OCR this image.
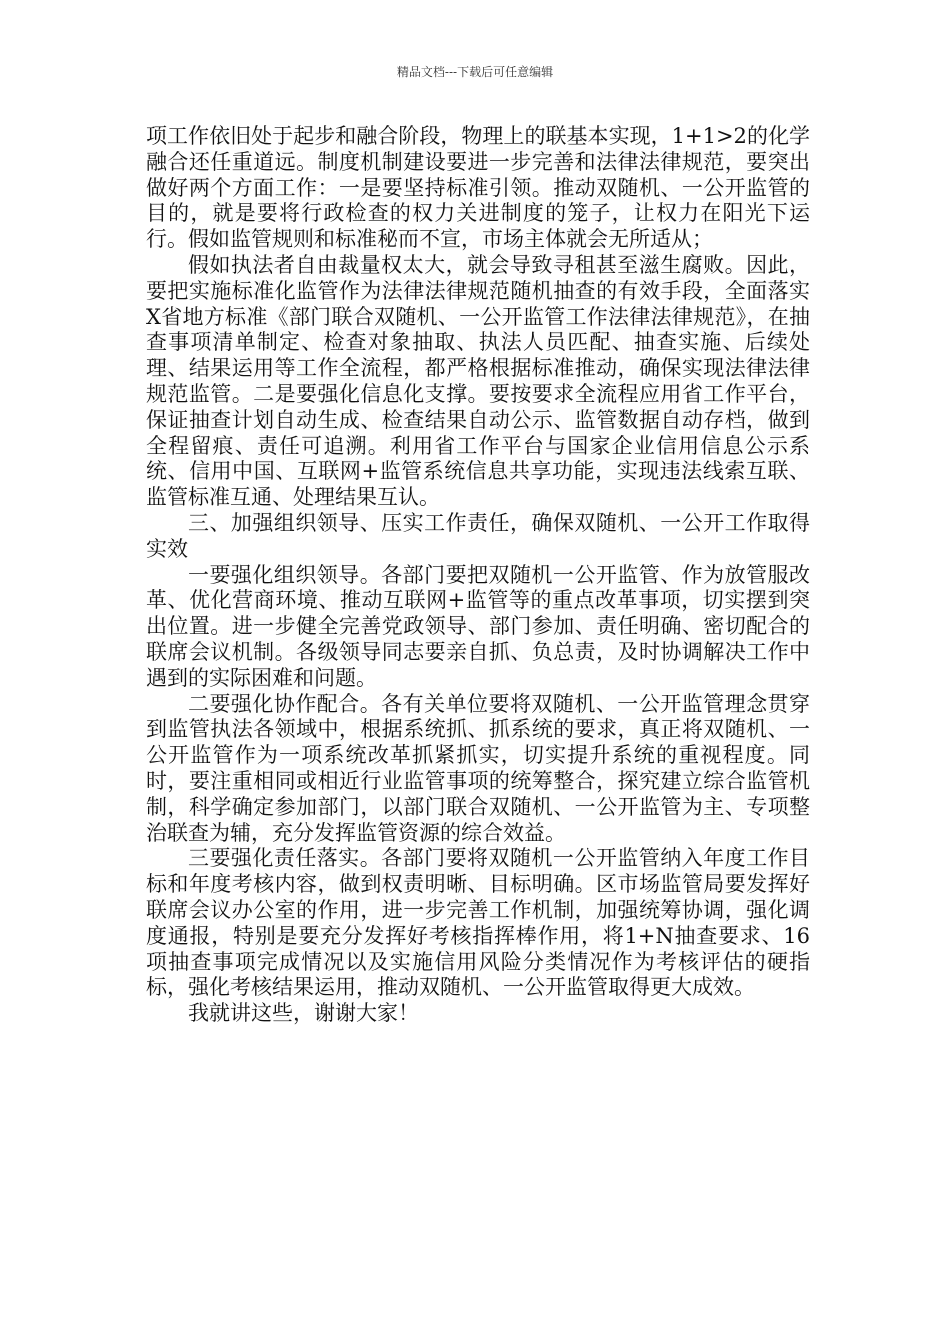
精品文档---下载后可任意编辑

项工作依旧处于起步和融合阶段，物理上的联基本实现，1+1>2的化学融合还任重道远。制度机制建设要进一步完善和法律法律规范，要突出做好两个方面工作：一是要坚持标准引领。推动双随机、一公开监管的目的，就是要将行政检查的权力关进制度的笼子，让权力在阳光下运行。假如监管规则和标准秘而不宣，市场主体就会无所适从；

假如执法者自由裁量权太大，就会导致寻租甚至滋生腐败。因此，要把实施标准化监管作为法律法律规范随机抽查的有效手段，全面落实X省地方标准《部门联合双随机、一公开监管工作法律法律规范》，在抽查事项清单制定、检查对象抽取、执法人员匹配、抽查实施、后续处理、结果运用等工作全流程，都严格根据标准推动，确保实现法律法律规范监管。二是要强化信息化支撑。要按要求全流程应用省工作平台，保证抽查计划自动生成、检查结果自动公示、监管数据自动存档，做到全程留痕、责任可追溯。利用省工作平台与国家企业信用信息公示系统、信用中国、互联网+监管系统信息共享功能，实现违法线索互联、监管标准互通、处理结果互认。

三、加强组织领导、压实工作责任，确保双随机、一公开工作取得实效

一要强化组织领导。各部门要把双随机一公开监管、作为放管服改革、优化营商环境、推动互联网+监管等的重点改革事项，切实摆到突出位置。进一步健全完善党政领导、部门参加、责任明确、密切配合的联席会议机制。各级领导同志要亲自抓、负总责，及时协调解决工作中遇到的实际困难和问题。

二要强化协作配合。各有关单位要将双随机、一公开监管理念贯穿到监管执法各领域中，根据系统抓、抓系统的要求，真正将双随机、一公开监管作为一项系统改革抓紧抓实，切实提升系统的重视程度。同时，要注重相同或相近行业监管事项的统筹整合，探究建立综合监管机制，科学确定参加部门，以部门联合双随机、一公开监管为主、专项整治联查为辅，充分发挥监管资源的综合效益。

三要强化责任落实。各部门要将双随机一公开监管纳入年度工作目标和年度考核内容，做到权责明晰、目标明确。区市场监管局要发挥好联席会议办公室的作用，进一步完善工作机制，加强统筹协调，强化调度通报，特别是要充分发挥好考核指挥棒作用，将1+N抽查要求、16项抽查事项完成情况以及实施信用风险分类情况作为考核评估的硬指标，强化考核结果运用，推动双随机、一公开监管取得更大成效。

我就讲这些，谢谢大家！
